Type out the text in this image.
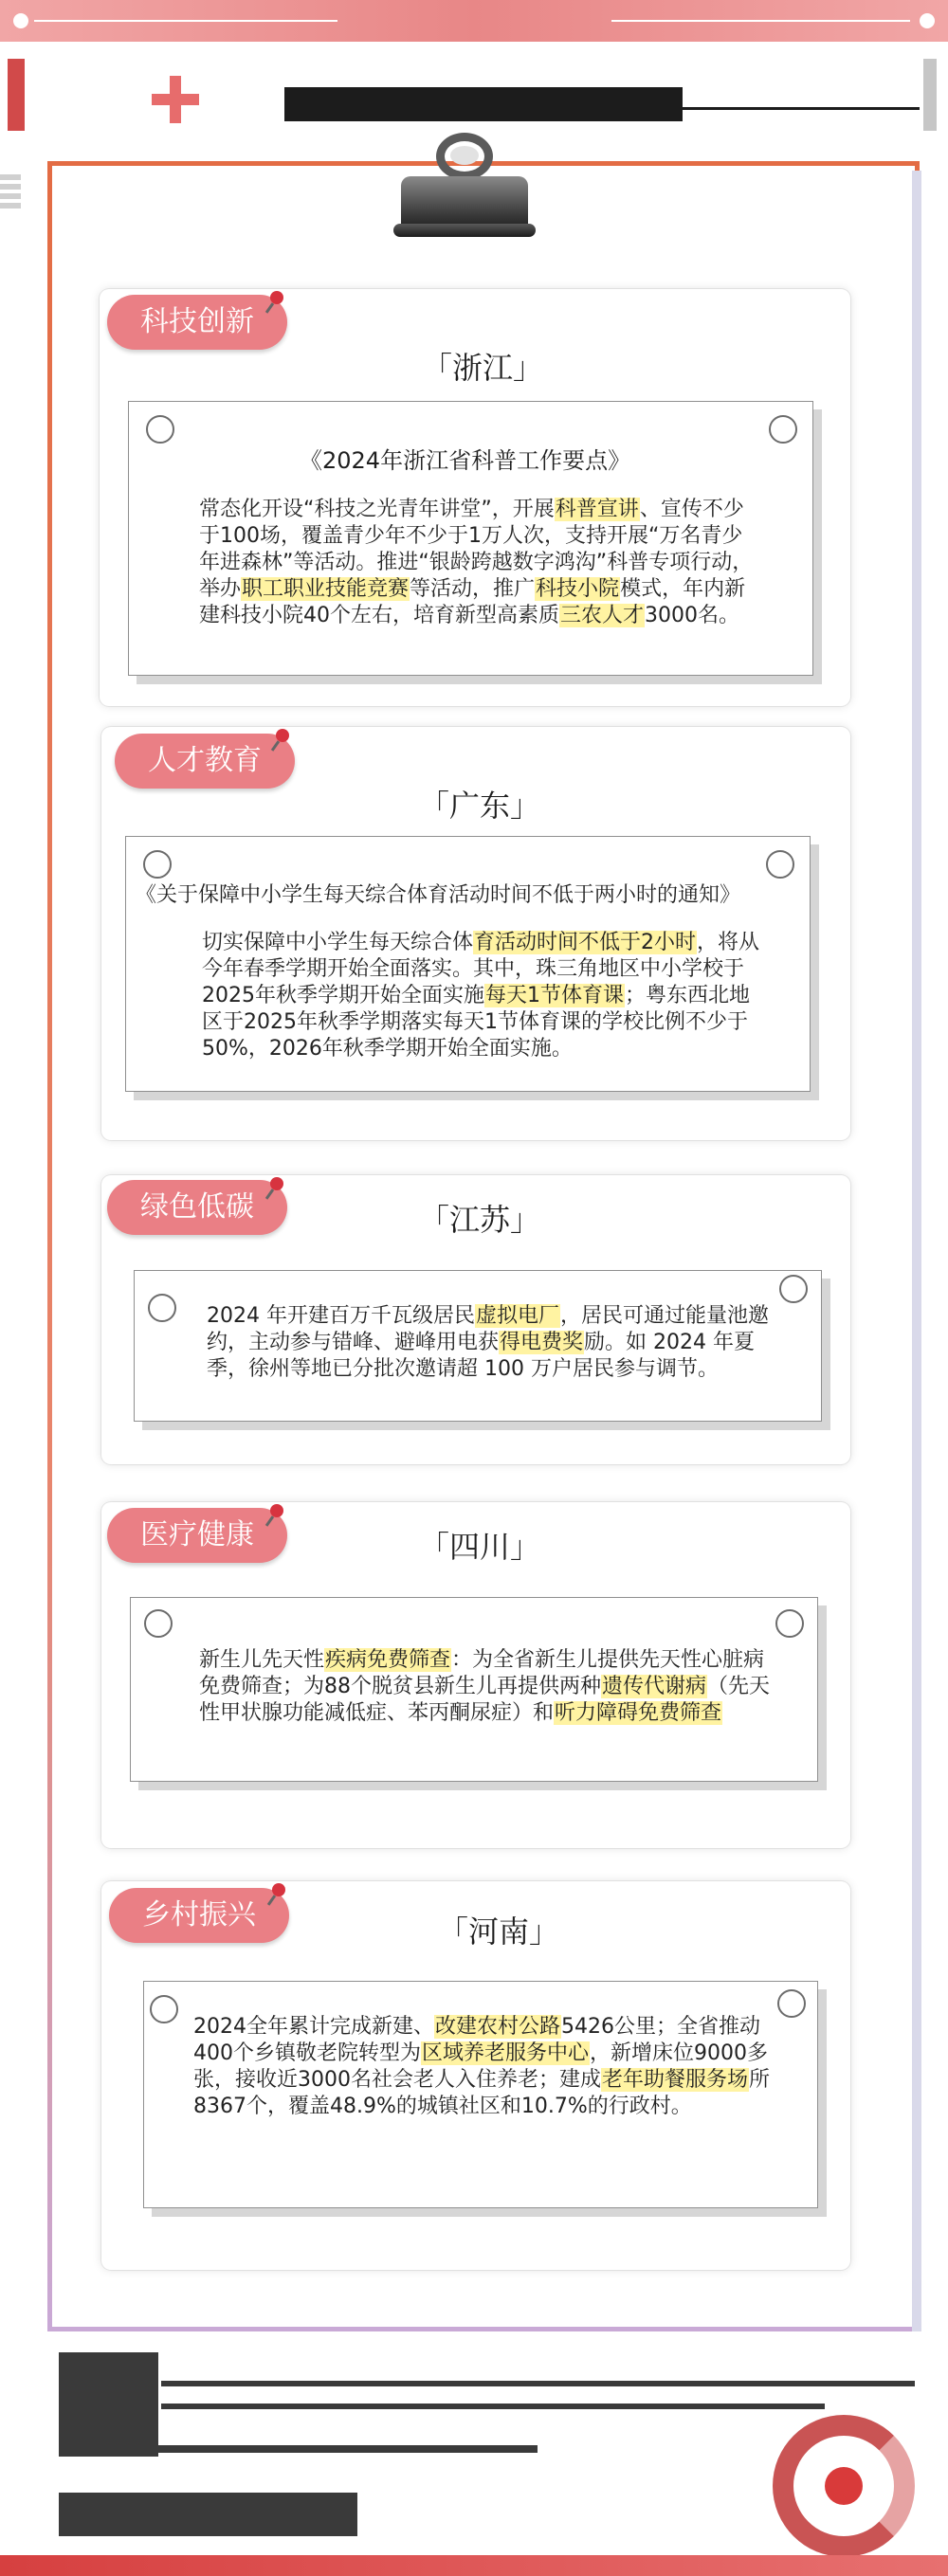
科技创新
「浙江」
《2024年浙江省科普工作要点》
常态化开设“科技之光青年讲堂”，开展科普宣讲、宣传不少于100场，覆盖青少年不少于1万人次，支持开展“万名青少年进森林”等活动。推进“银龄跨越数字鸿沟”科普专项行动，举办职工职业技能竞赛等活动，推广科技小院模式，年内新建科技小院40个左右，培育新型高素质三农人才3000名。
人才教育
「广东」
《关于保障中小学生每天综合体育活动时间不低于两小时的通知》
切实保障中小学生每天综合体育活动时间不低于2小时，将从今年春季学期开始全面落实。其中，珠三角地区中小学校于2025年秋季学期开始全面实施每天1节体育课；粤东西北地区于2025年秋季学期落实每天1节体育课的学校比例不少于50%，2026年秋季学期开始全面实施。
绿色低碳	「江苏」
2024 年开建百万千瓦级居民虚拟电厂，居民可通过能量池邀约，主动参与错峰、避峰用电获得电费奖励。如 2024 年夏季，徐州等地已分批次邀请超 100 万户居民参与调节。
医疗健康	「四川」
新生儿先天性疾病免费筛查：为全省新生儿提供先天性心脏病免费筛查；为88个脱贫县新生儿再提供两种遗传代谢病（先天性甲状腺功能减低症、苯丙酮尿症）和听力障碍免费筛查
乡村振兴	「河南」
2024全年累计完成新建、改建农村公路5426公里；全省推动400个乡镇敬老院转型为区域养老服务中心，新增床位9000多张，接收近3000名社会老人入住养老；建成老年助餐服务场所8367个，覆盖48.9%的城镇社区和10.7%的行政村。
